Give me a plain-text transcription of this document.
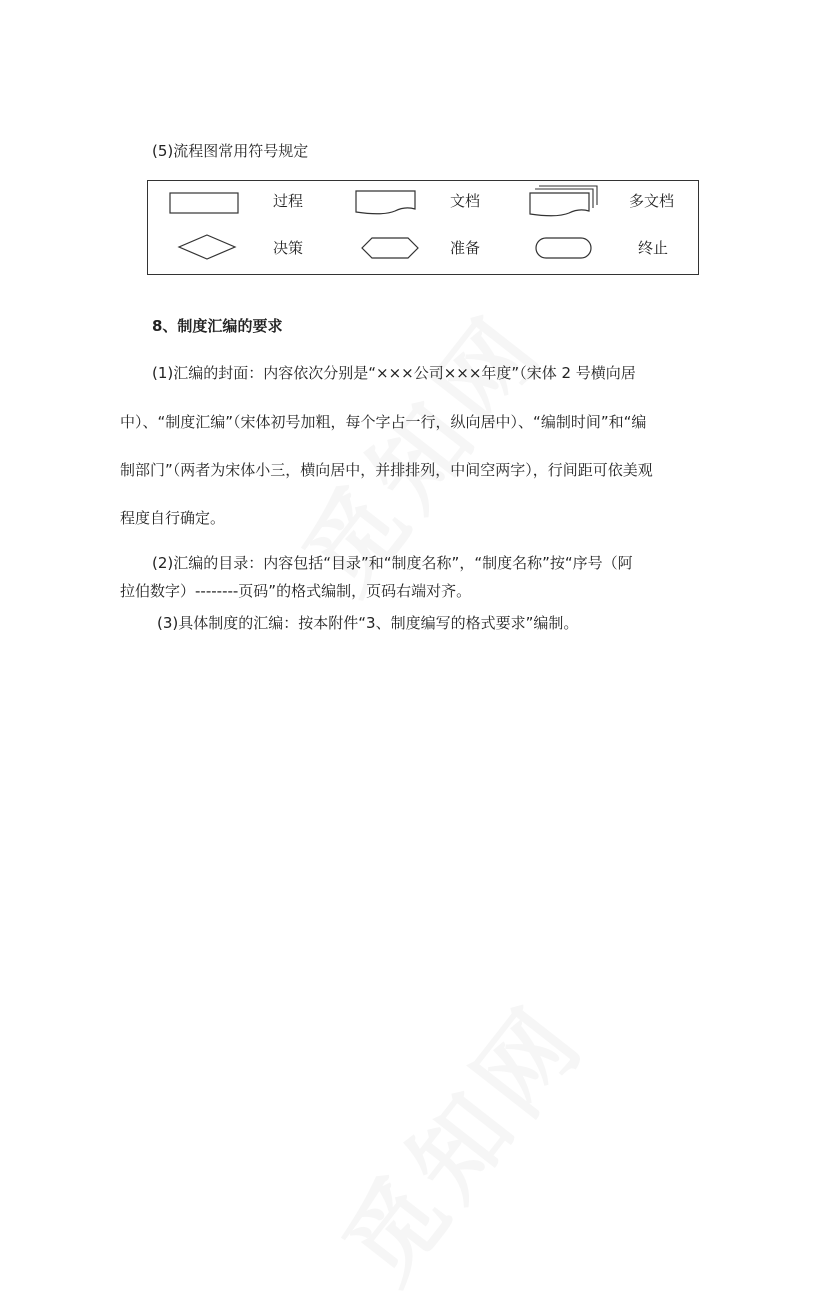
(5)流程图常用符号规定
过程	文档	多文档
决策	准备	终止
8、制度汇编的要求
(1)汇编的封面：内容依次分别是“×××公司×××年度”（宋体 2 号横向居
中）、“制度汇编”（宋体初号加粗，每个字占一行，纵向居中）、“编制时间”和“编
制部门”（两者为宋体小三，横向居中，并排排列，中间空两字），行间距可依美观
程度自行确定。
(2)汇编的目录：内容包括“目录”和“制度名称”，“制度名称”按“序号（阿
拉伯数字）--------页码”的格式编制，页码右端对齐。
(3)具体制度的汇编：按本附件“3、制度编写的格式要求”编制。
